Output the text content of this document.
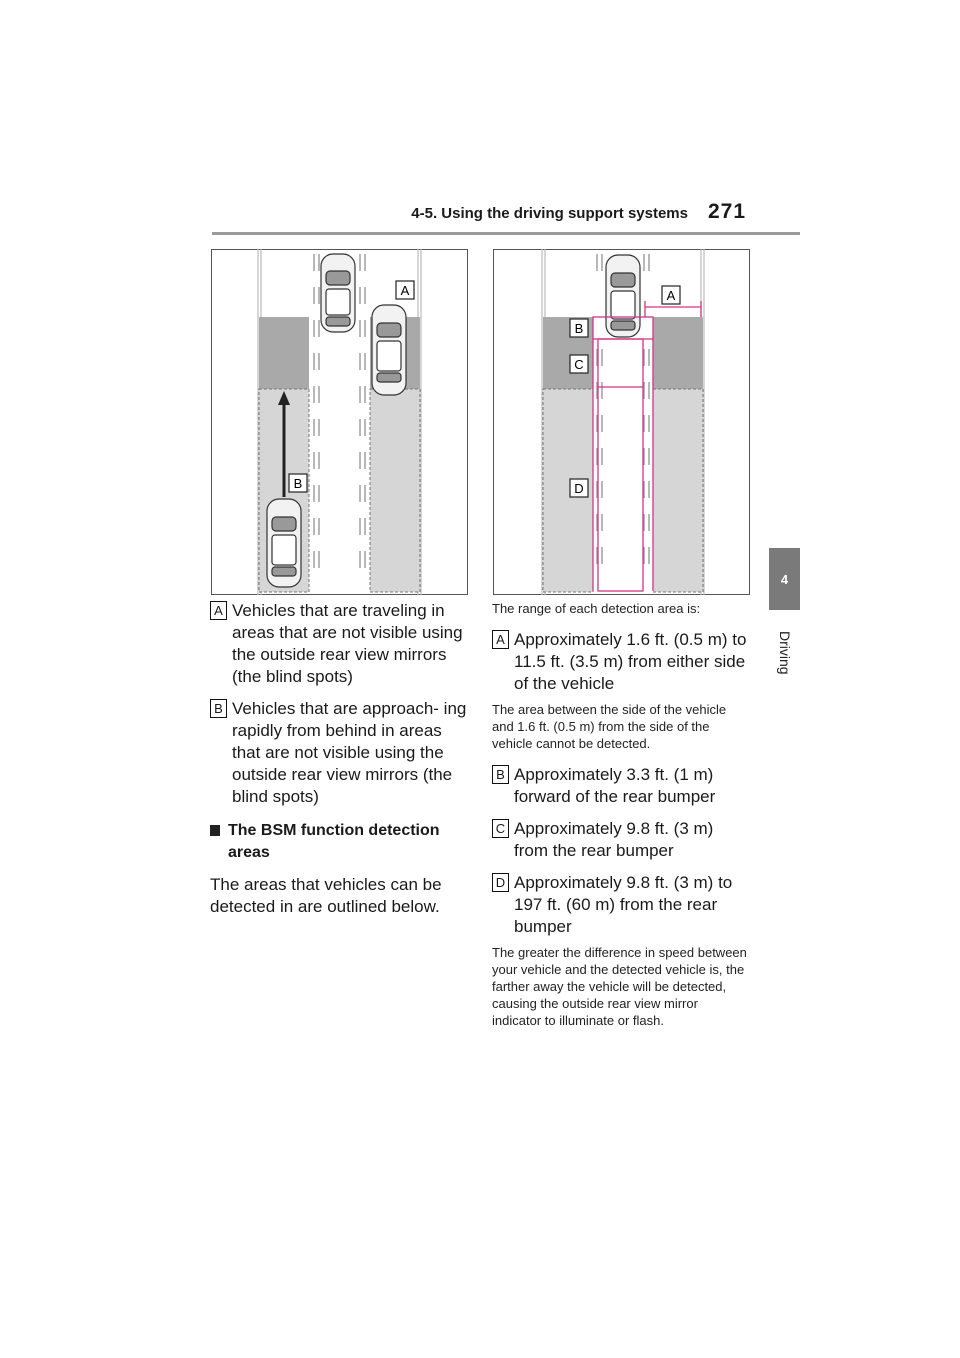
4-5. Using the driving support systems 271
4
Driving
A
B
A
B
C
D
A Vehicles that are traveling in areas that are not visible using the outside rear view mirrors (the blind spots)
B Vehicles that are approach- ing rapidly from behind in areas that are not visible using the outside rear view mirrors (the blind spots)
The BSM function detection areas
The areas that vehicles can be detected in are outlined below.
The range of each detection area is:
A Approximately 1.6 ft. (0.5 m) to 11.5 ft. (3.5 m) from either side of the vehicle
The area between the side of the vehicle and 1.6 ft. (0.5 m) from the side of the vehicle cannot be detected.
B Approximately 3.3 ft. (1 m) forward of the rear bumper
C Approximately 9.8 ft. (3 m) from the rear bumper
D Approximately 9.8 ft. (3 m) to 197 ft. (60 m) from the rear bumper
The greater the difference in speed between your vehicle and the detected vehicle is, the farther away the vehicle will be detected, causing the outside rear view mirror indicator to illuminate or flash.
